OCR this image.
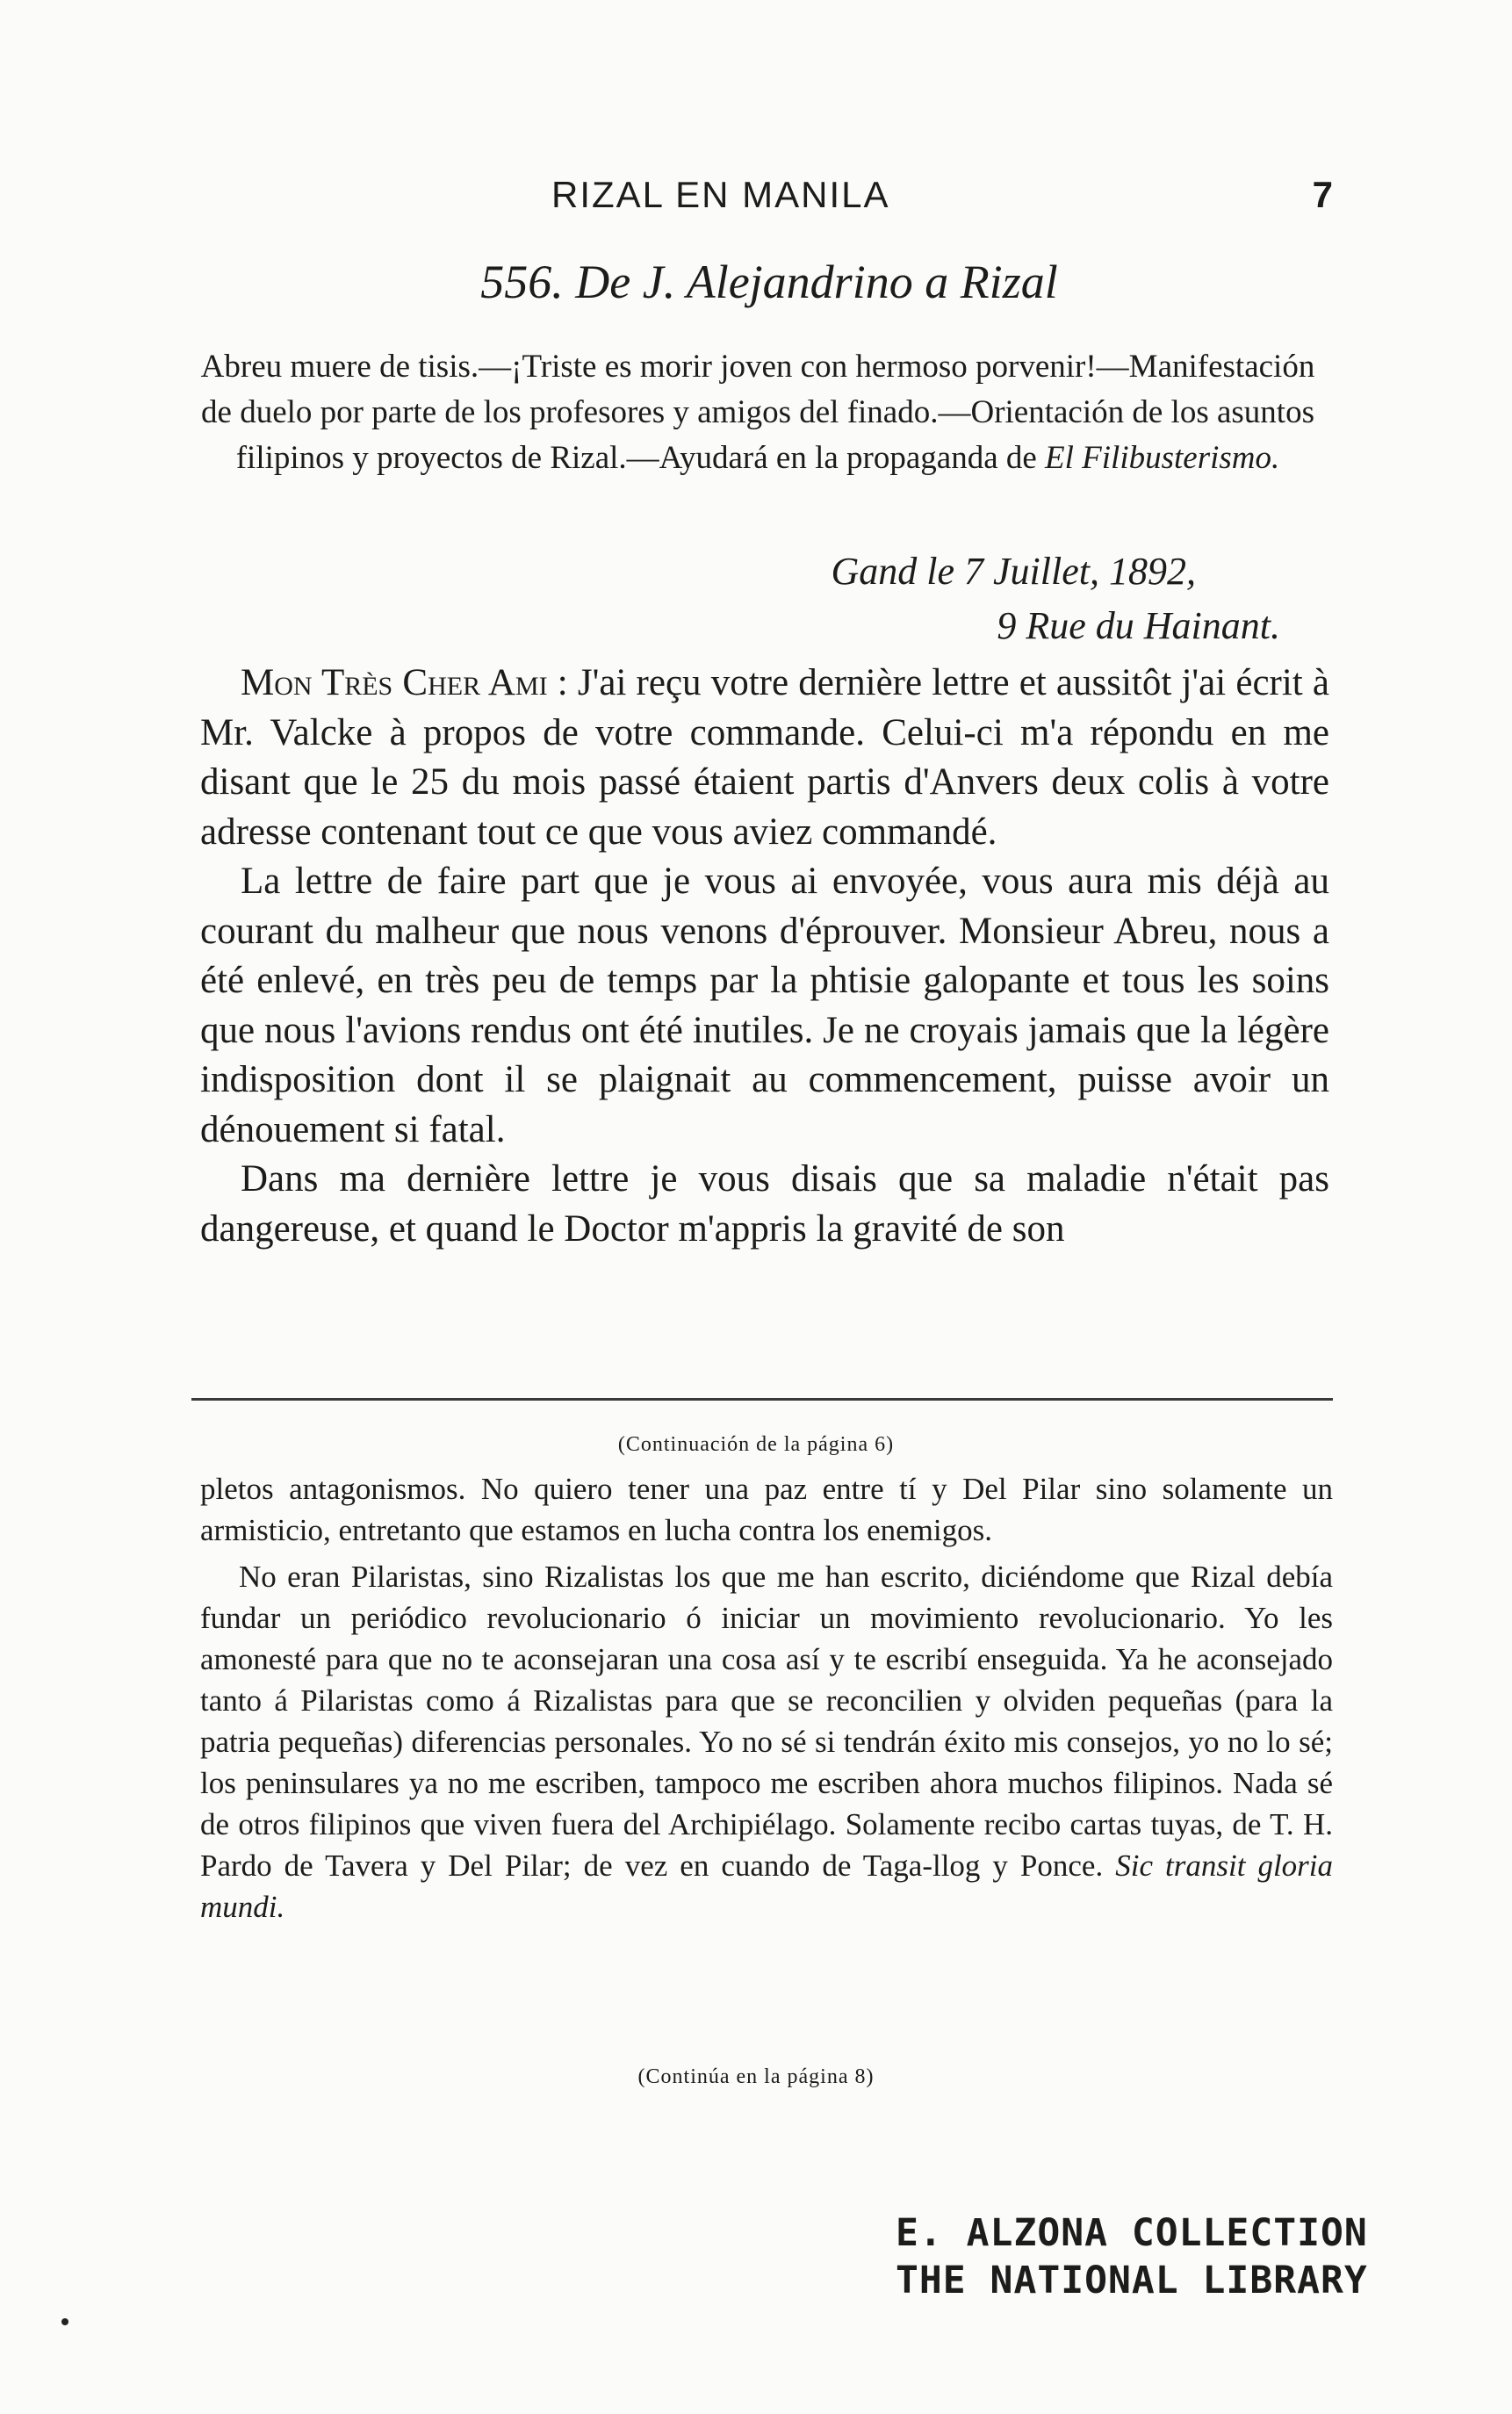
RIZAL EN MANILA	7
556. De J. Alejandrino a Rizal
Abreu muere de tisis.—¡Triste es morir joven con hermoso porvenir!—Manifestación de duelo por parte de los profesores y amigos del finado.—Orientación de los asuntos filipinos y proyectos de Rizal.—Ayudará en la propaganda de El Filibusterismo.
Gand le 7 Juillet, 1892,
9 Rue du Hainant.

Mon Très Cher Ami : J'ai reçu votre dernière lettre et aussitôt j'ai écrit à Mr. Valcke à propos de votre commande. Celui-ci m'a répondu en me disant que le 25 du mois passé étaient partis d'Anvers deux colis à votre adresse contenant tout ce que vous aviez commandé.

La lettre de faire part que je vous ai envoyée, vous aura mis déjà au courant du malheur que nous venons d'éprouver. Monsieur Abreu, nous a été enlevé, en très peu de temps par la phtisie galopante et tous les soins que nous l'avions rendus ont été inutiles. Je ne croyais jamais que la légère indisposition dont il se plaignait au commencement, puisse avoir un dénouement si fatal.

Dans ma dernière lettre je vous disais que sa maladie n'était pas dangereuse, et quand le Doctor m'appris la gravité de son

(Continuación de la página 6)

pletos antagonismos. No quiero tener una paz entre tí y Del Pilar sino solamente un armisticio, entretanto que estamos en lucha contra los enemigos.

No eran Pilaristas, sino Rizalistas los que me han escrito, diciéndome que Rizal debía fundar un periódico revolucionario ó iniciar un movimiento revolucionario. Yo les amonesté para que no te aconsejaran una cosa así y te escribí enseguida. Ya he aconsejado tanto á Pilaristas como á Rizalistas para que se reconcilien y olviden pequeñas (para la patria pequeñas) diferencias personales. Yo no sé si tendrán éxito mis consejos, yo no lo sé; los peninsulares ya no me escriben, tampoco me escriben ahora muchos filipinos. Nada sé de otros filipinos que viven fuera del Archipiélago. Solamente recibo cartas tuyas, de T. H. Pardo de Tavera y Del Pilar; de vez en cuando de Taga-llog y Ponce. Sic transit gloria mundi.

(Continúa en la página 8)
E. ALZONA COLLECTION
THE NATIONAL LIBRARY
